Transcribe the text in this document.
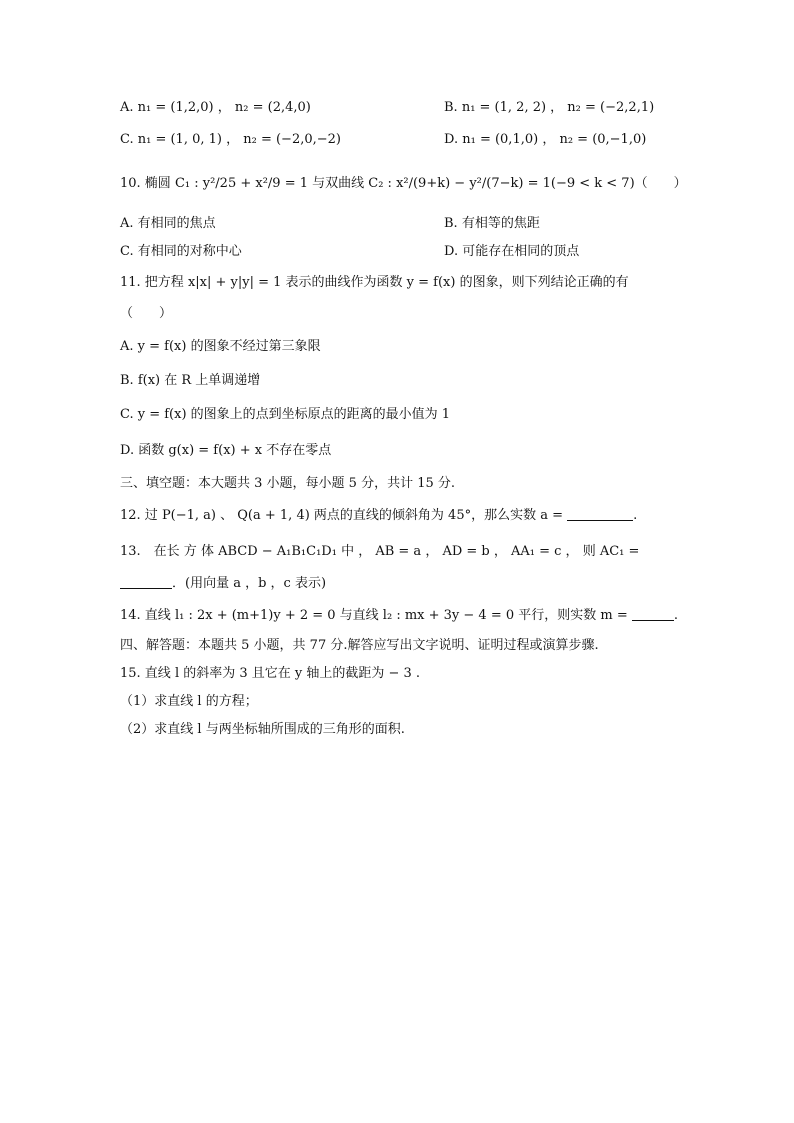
A. n₁ = (1,2,0) ， n₂ = (2,4,0)	B. n₁ = (1, 2, 2) ， n₂ = (−2,2,1)
C. n₁ = (1, 0, 1) ， n₂ = (−2,0,−2)	D. n₁ = (0,1,0) ， n₂ = (0,−1,0)
10. 椭圆 C₁ : y²/25 + x²/9 = 1 与双曲线 C₂ : x²/(9+k) − y²/(7−k) = 1(−9 < k < 7)（　　）
A. 有相同的焦点	B. 有相等的焦距
C. 有相同的对称中心	D. 可能存在相同的顶点
11. 把方程 x|x| + y|y| = 1 表示的曲线作为函数 y = f(x) 的图象，则下列结论正确的有
（　　）
A. y = f(x) 的图象不经过第三象限
B. f(x) 在 R 上单调递增
C. y = f(x) 的图象上的点到坐标原点的距离的最小值为 1
D. 函数 g(x) = f(x) + x 不存在零点
三、填空题：本大题共 3 小题，每小题 5 分，共计 15 分.
12. 过 P(−1, a) 、 Q(a + 1, 4) 两点的直线的倾斜角为 45°，那么实数 a =	.
13.　在长 方 体 ABCD − A₁B₁C₁D₁ 中 ， AB = a ， AD = b ， AA₁ = c ， 则 AC₁ =
．(用向量 a ，b ，c 表示)
14. 直线 l₁ : 2x + (m+1)y + 2 = 0 与直线 l₂ : mx + 3y − 4 = 0 平行，则实数 m =	.
四、解答题：本题共 5 小题，共 77 分.解答应写出文字说明、证明过程或演算步骤.
15. 直线 l 的斜率为 3 且它在 y 轴上的截距为 − 3 .
（1）求直线 l 的方程；
（2）求直线 l 与两坐标轴所围成的三角形的面积.
